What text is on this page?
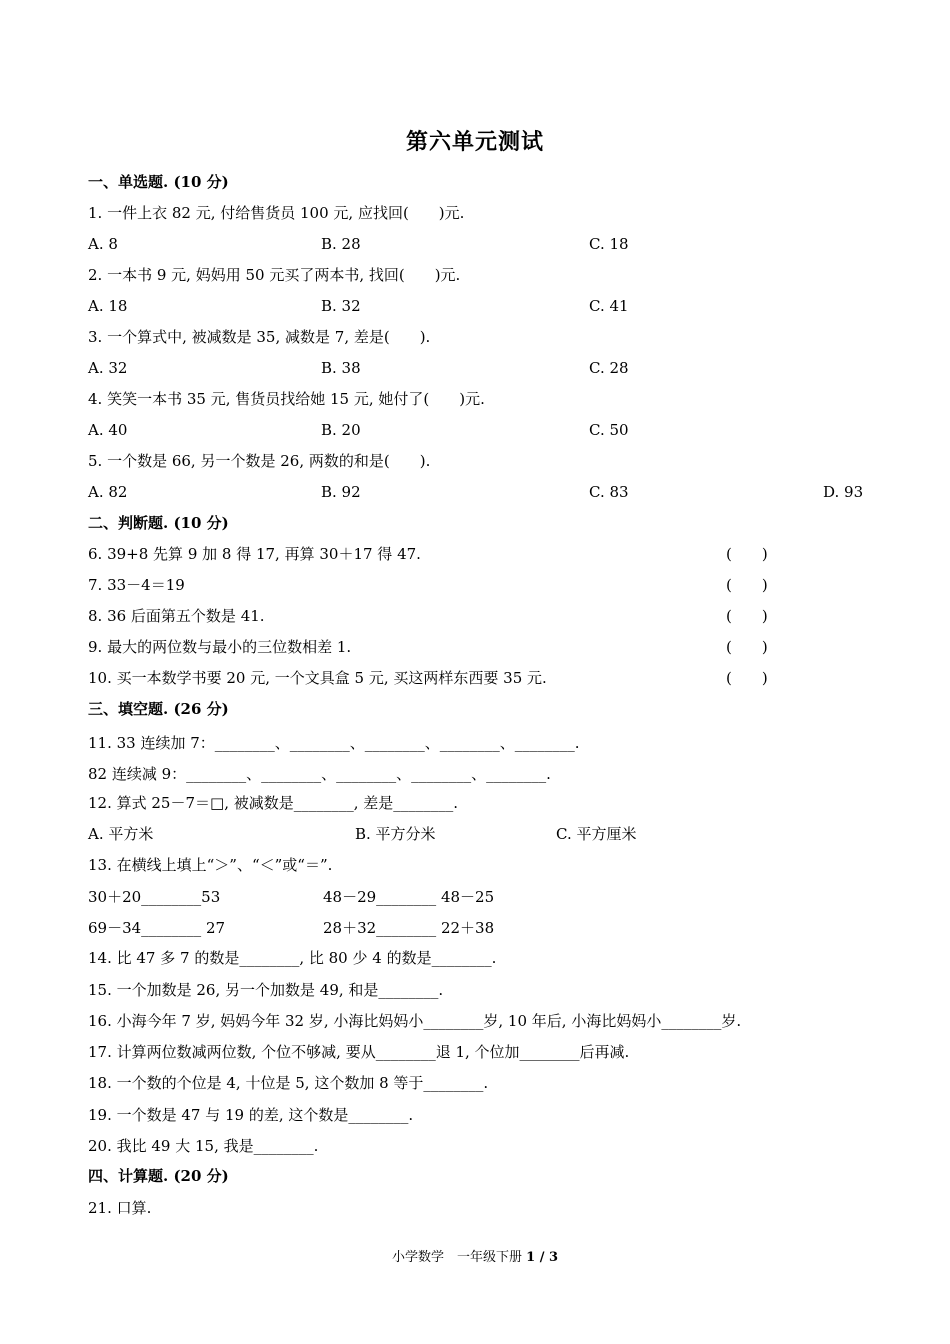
第六单元测试
一、单选题. (10 分)
1. 一件上衣 82 元, 付给售货员 100 元, 应找回(　　)元.
A. 8	B. 28	C. 18
2. 一本书 9 元, 妈妈用 50 元买了两本书, 找回(　　)元.
A. 18	B. 32	C. 41
3. 一个算式中, 被减数是 35, 减数是 7, 差是(　　).
A. 32	B. 38	C. 28
4. 笑笑一本书 35 元, 售货员找给她 15 元, 她付了(　　)元.
A. 40	B. 20	C. 50
5. 一个数是 66, 另一个数是 26, 两数的和是(　　).
A. 82	B. 92	C. 83	D. 93
二、判断题. (10 分)
6. 39+8 先算 9 加 8 得 17, 再算 30＋17 得 47.	(　　)
7. 33－4＝19	(　　)
8. 36 后面第五个数是 41.	(　　)
9. 最大的两位数与最小的三位数相差 1.	(　　)
10. 买一本数学书要 20 元, 一个文具盒 5 元, 买这两样东西要 35 元.	(　　)
三、填空题. (26 分)
11. 33 连续加 7：________、________、________、________、________.
82 连续减 9：________、________、________、________、________.
12. 算式 25－7＝□, 被减数是________, 差是________.
A. 平方米	B. 平方分米	C. 平方厘米
13. 在横线上填上“＞”、“＜”或“＝”.
30＋20________53	48－29________ 48－25
69－34________ 27	28＋32________ 22＋38
14. 比 47 多 7 的数是________, 比 80 少 4 的数是________.
15. 一个加数是 26, 另一个加数是 49, 和是________.
16. 小海今年 7 岁, 妈妈今年 32 岁, 小海比妈妈小________岁, 10 年后, 小海比妈妈小________岁.
17. 计算两位数减两位数, 个位不够减, 要从________退 1, 个位加________后再减.
18. 一个数的个位是 4, 十位是 5, 这个数加 8 等于________.
19. 一个数是 47 与 19 的差, 这个数是________.
20. 我比 49 大 15, 我是________.
四、计算题. (20 分)
21. 口算.
小学数学　一年级下册 1 / 3
